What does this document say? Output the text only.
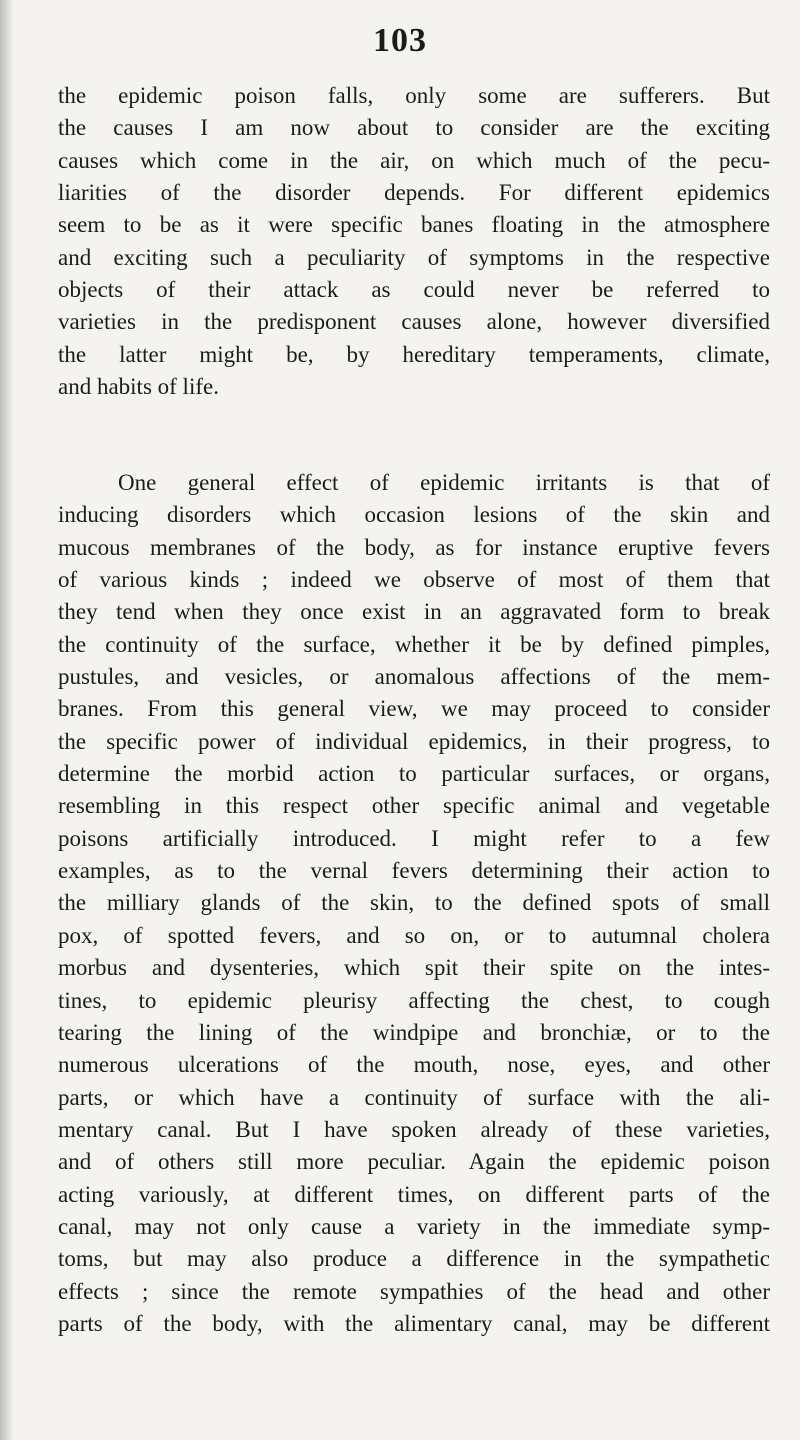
103
the epidemic poison falls, only some are sufferers. But
the causes I am now about to consider are the exciting
causes which come in the air, on which much of the pecu-
liarities of the disorder depends. For different epidemics
seem to be as it were specific banes floating in the atmosphere
and exciting such a peculiarity of symptoms in the respective
objects of their attack as could never be referred to
varieties in the predisponent causes alone, however diversified
the latter might be, by hereditary temperaments, climate,
and habits of life.
One general effect of epidemic irritants is that of
inducing disorders which occasion lesions of the skin and
mucous membranes of the body, as for instance eruptive fevers
of various kinds ; indeed we observe of most of them that
they tend when they once exist in an aggravated form to break
the continuity of the surface, whether it be by defined pimples,
pustules, and vesicles, or anomalous affections of the mem-
branes. From this general view, we may proceed to consider
the specific power of individual epidemics, in their progress, to
determine the morbid action to particular surfaces, or organs,
resembling in this respect other specific animal and vegetable
poisons artificially introduced. I might refer to a few
examples, as to the vernal fevers determining their action to
the milliary glands of the skin, to the defined spots of small
pox, of spotted fevers, and so on, or to autumnal cholera
morbus and dysenteries, which spit their spite on the intes-
tines, to epidemic pleurisy affecting the chest, to cough
tearing the lining of the windpipe and bronchiæ, or to the
numerous ulcerations of the mouth, nose, eyes, and other
parts, or which have a continuity of surface with the ali-
mentary canal. But I have spoken already of these varieties,
and of others still more peculiar. Again the epidemic poison
acting variously, at different times, on different parts of the
canal, may not only cause a variety in the immediate symp-
toms, but may also produce a difference in the sympathetic
effects ; since the remote sympathies of the head and other
parts of the body, with the alimentary canal, may be different
